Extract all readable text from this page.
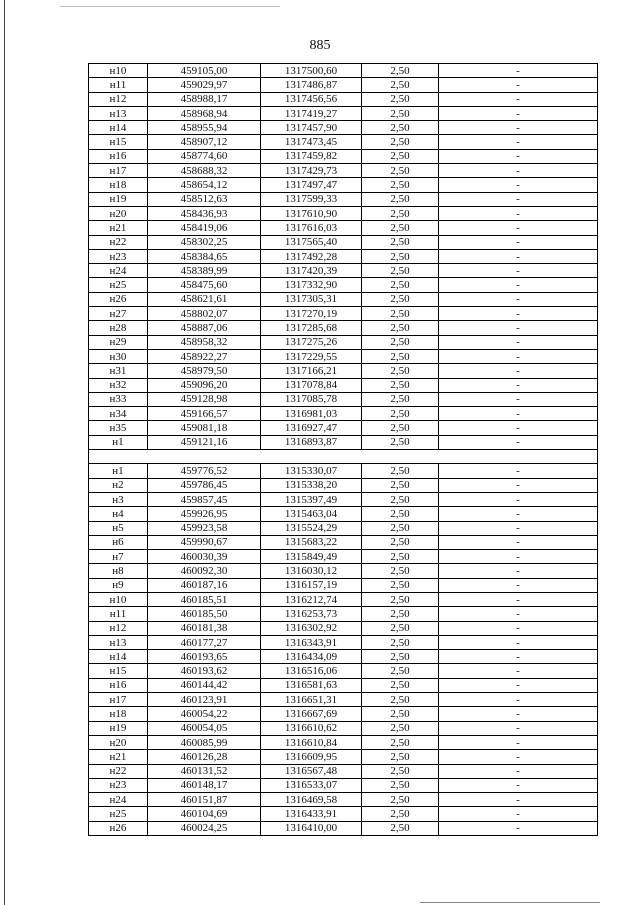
885
н10	459105,00	1317500,60	2,50	-
н11	459029,97	1317486,87	2,50	-
н12	458988,17	1317456,56	2,50	-
н13	458968,94	1317419,27	2,50	-
н14	458955,94	1317457,90	2,50	-
н15	458907,12	1317473,45	2,50	-
н16	458774,60	1317459,82	2,50	-
н17	458688,32	1317429,73	2,50	-
н18	458654,12	1317497,47	2,50	-
н19	458512,63	1317599,33	2,50	-
н20	458436,93	1317610,90	2,50	-
н21	458419,06	1317616,03	2,50	-
н22	458302,25	1317565,40	2,50	-
н23	458384,65	1317492,28	2,50	-
н24	458389,99	1317420,39	2,50	-
н25	458475,60	1317332,90	2,50	-
н26	458621,61	1317305,31	2,50	-
н27	458802,07	1317270,19	2,50	-
н28	458887,06	1317285,68	2,50	-
н29	458958,32	1317275,26	2,50	-
н30	458922,27	1317229,55	2,50	-
н31	458979,50	1317166,21	2,50	-
н32	459096,20	1317078,84	2,50	-
н33	459128,98	1317085,78	2,50	-
н34	459166,57	1316981,03	2,50	-
н35	459081,18	1316927,47	2,50	-
н1	459121,16	1316893,87	2,50	-

н1	459776,52	1315330,07	2,50	-
н2	459786,45	1315338,20	2,50	-
н3	459857,45	1315397,49	2,50	-
н4	459926,95	1315463,04	2,50	-
н5	459923,58	1315524,29	2,50	-
н6	459990,67	1315683,22	2,50	-
н7	460030,39	1315849,49	2,50	-
н8	460092,30	1316030,12	2,50	-
н9	460187,16	1316157,19	2,50	-
н10	460185,51	1316212,74	2,50	-
н11	460185,50	1316253,73	2,50	-
н12	460181,38	1316302,92	2,50	-
н13	460177,27	1316343,91	2,50	-
н14	460193,65	1316434,09	2,50	-
н15	460193,62	1316516,06	2,50	-
н16	460144,42	1316581,63	2,50	-
н17	460123,91	1316651,31	2,50	-
н18	460054,22	1316667,69	2,50	-
н19	460054,05	1316610,62	2,50	-
н20	460085,99	1316610,84	2,50	-
н21	460126,28	1316609,95	2,50	-
н22	460131,52	1316567,48	2,50	-
н23	460148,17	1316533,07	2,50	-
н24	460151,87	1316469,58	2,50	-
н25	460104,69	1316433,91	2,50	-
н26	460024,25	1316410,00	2,50	-
